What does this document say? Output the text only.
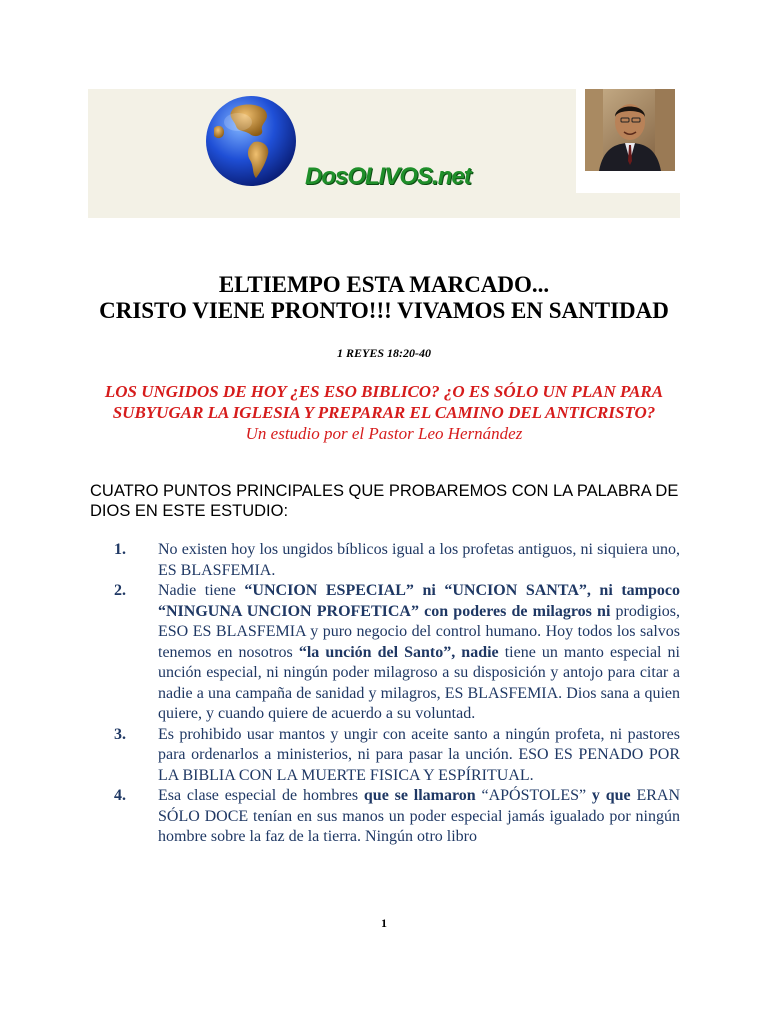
DosOLIVOS.net
ELTIEMPO ESTA MARCADO...
CRISTO VIENE PRONTO!!! VIVAMOS EN SANTIDAD
1 REYES 18:20-40
LOS UNGIDOS DE HOY ¿ES ESO BIBLICO? ¿O ES SÓLO UN PLAN PARA
SUBYUGAR LA IGLESIA Y PREPARAR EL CAMINO DEL ANTICRISTO?
Un estudio por el Pastor Leo Hernández
CUATRO PUNTOS PRINCIPALES QUE PROBAREMOS CON LA PALABRA DE DIOS EN ESTE ESTUDIO:
1.	No existen hoy los ungidos bíblicos igual a los profetas antiguos, ni siquiera uno, ES BLASFEMIA.
2.	Nadie tiene “UNCION ESPECIAL” ni “UNCION SANTA”, ni tampoco “NINGUNA UNCION PROFETICA” con poderes de milagros ni prodigios, ESO ES BLASFEMIA y puro negocio del control humano. Hoy todos los salvos tenemos en nosotros “la unción del Santo”, nadie tiene un manto especial ni unción especial, ni ningún poder milagroso a su disposición y antojo para citar a nadie a una campaña de sanidad y milagros, ES BLASFEMIA. Dios sana a quien quiere, y cuando quiere de acuerdo a su voluntad.
3.	Es prohibido usar mantos y ungir con aceite santo a ningún profeta, ni pastores para ordenarlos a ministerios, ni para pasar la unción. ESO ES PENADO POR LA BIBLIA CON LA MUERTE FISICA Y ESPÍRITUAL.
4.	Esa clase especial de hombres que se llamaron “APÓSTOLES” y que ERAN SÓLO DOCE tenían en sus manos un poder especial jamás igualado por ningún hombre sobre la faz de la tierra. Ningún otro libro
1
